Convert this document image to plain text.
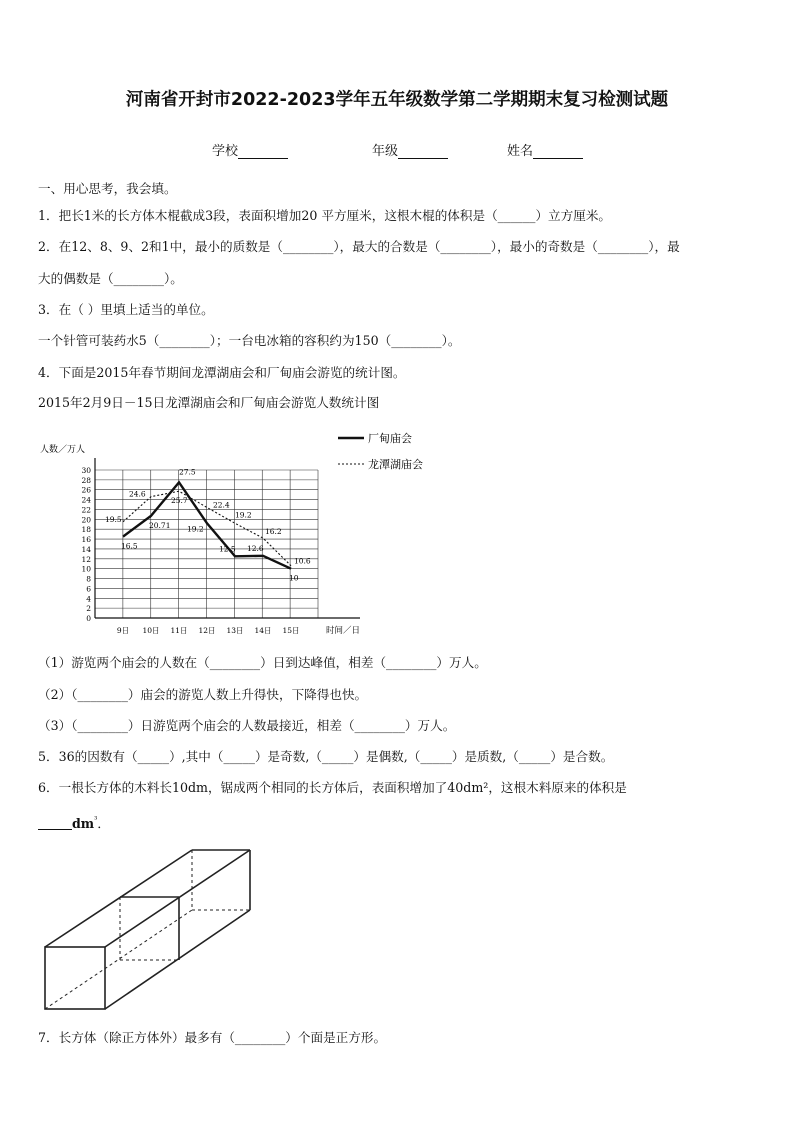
河南省开封市2022-2023学年五年级数学第二学期期末复习检测试题
学校	年级	姓名
一、用心思考，我会填。
1．把长1米的长方体木棍截成3段，表面积增加20 平方厘米，这根木棍的体积是（______）立方厘米。
2．在12、8、9、2和1中，最小的质数是（________），最大的合数是（________），最小的奇数是（________），最
大的偶数是（________）。
3．在（ ）里填上适当的单位。
一个针管可装药水5（________）；一台电冰箱的容积约为150（________）。
4．下面是2015年春节期间龙潭湖庙会和厂甸庙会游览的统计图。
2015年2月9日－15日龙潭湖庙会和厂甸庙会游览人数统计图
人数／万人
时间／日
0
2
4
6
8
10
12
14
16
18
20
22
24
26
28
30
9日 10日 11日 12日 13日 14日 15日
16.5
20.71
27.5
19.2
12.5 12.6
10
19.5
24.6
25.7	22.4
19.2
16.2
10.6
厂甸庙会
龙潭湖庙会
（1）游览两个庙会的人数在（________）日到达峰值，相差（________）万人。
（2）（________）庙会的游览人数上升得快，下降得也快。
（3）（________）日游览两个庙会的人数最接近，相差（________）万人。
5．36的因数有（_____）,其中（_____）是奇数,（_____）是偶数,（_____）是质数,（_____）是合数。
6．一根长方体的木料长10dm，锯成两个相同的长方体后，表面积增加了40dm²，这根木料原来的体积是
$dm^{^3}$．
7．长方体（除正方体外）最多有（________）个面是正方形。
